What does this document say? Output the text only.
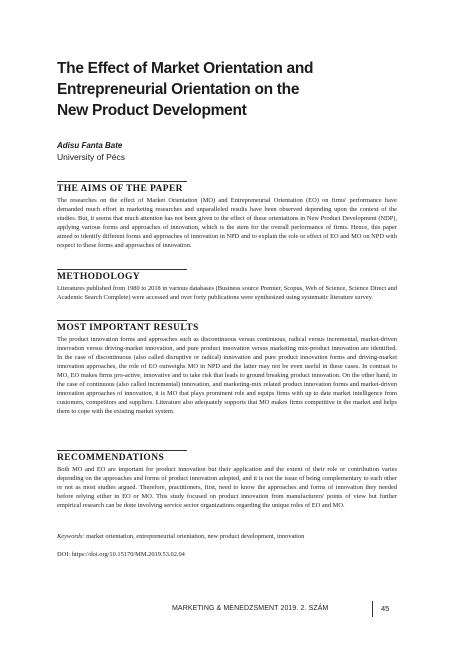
The Effect of Market Orientation and
Entrepreneurial Orientation on the
New Product Development
Adisu Fanta Bate
University of Pécs
THE AIMS OF THE PAPER

The researches on the effect of Market Orientation (MO) and Entrepreneurial Orientation (EO) on firms' performance have demanded much effort in marketing researches and unparalleled results have been observed depending upon the context of the studies. But, it seems that much attention has not been given to the effect of these orientations in New Product Development (NDP), applying various forms and approaches of innovation, which is the stem for the overall performance of firms. Hence, this paper aimed to identify different forms and approaches of innovation in NPD and to explain the role or effect of EO and MO on NPD with respect to these forms and approaches of innovation.

METHODOLOGY

Literatures published from 1980 to 2018 in various databases (Business source Premier, Scopus, Web of Science, Science Direct and Academic Search Complete) were accessed and over forty publications were synthesized using systematic literature survey.

MOST IMPORTANT RESULTS

The product innovation forms and approaches such as discontinuous versus continuous, radical versus incremental, market-driven innovation versus driving-market innovation, and pure product innovation versus marketing mix-product innovation are identified. In the case of discontinuous (also called disruptive or radical) innovation and pure product innovation forms and driving-market innovation approaches, the role of EO outweighs MO in NPD and the latter may not be even useful in these cases. In contrast to MO, EO makes firms pro-active, innovative and to take risk that leads to ground breaking product innovation. On the other hand, in the case of continuous (also called incremental) innovation, and marketing-mix related product innovation forms and market-driven innovation approaches of innovation, it is MO that plays prominent role and equips firms with up to date market intelligence from customers, competitors and suppliers. Literature also adequately supports that MO makes firms competitive in the market and helps them to cope with the existing market system.

RECOMMENDATIONS

Both MO and EO are important for product innovation but their application and the extent of their role or contribution varies depending on the approaches and forms of product innovation adopted, and it is not the issue of being complementary to each other or not as most studies argued. Therefore, practitioners, first, need to know the approaches and forms of innovation they needed before relying either in EO or MO. This study focused on product innovation from manufacturers' points of view but further empirical research can be done involving service sector organizations regarding the unique roles of EO and MO.

Keywords: market orientation, entrepreneurial orientation, new product development, innovation

DOI: https://doi.org/10.15170/MM.2019.53.02.04

MARKETING & MENEDZSMENT 2019. 2. SZÁM	45
